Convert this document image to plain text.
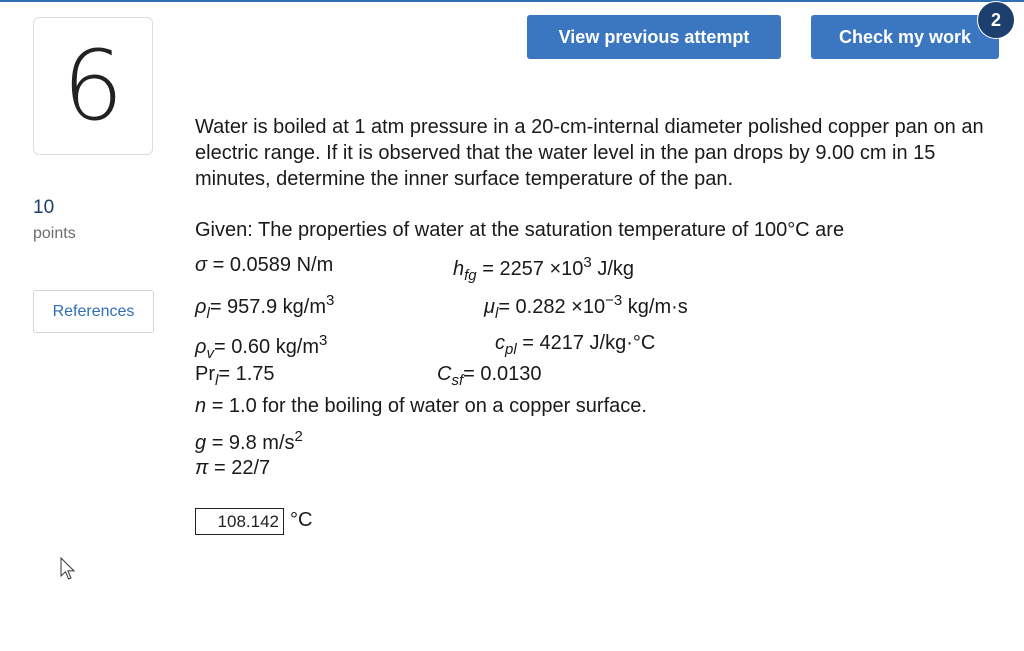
6
10
points
References
View previous attempt	Check my work
2
Water is boiled at 1 atm pressure in a 20-cm-internal diameter polished copper pan on an electric range. If it is observed that the water level in the pan drops by 9.00 cm in 15 minutes, determine the inner surface temperature of the pan.
Given: The properties of water at the saturation temperature of 100°C are
σ = 0.0589 N/m	$h_{fg} = 2257 \times 10^3$ J/kg
$\rho_l= 957.9$ $kg/m^3$	$\mu_l= 0.282 \times 10^{-3}$ kg/m·s
$\rho_v= 0.60$ $kg/m^3$	$c_{pl} = 4217$ J/kg·°C
$Pr_l= 1.75$	$C_{sf}= 0.0130$
n = 1.0 for the boiling of water on a copper surface.
g = 9.8 $m/s^2$
π = 22/7
108.142 °C
